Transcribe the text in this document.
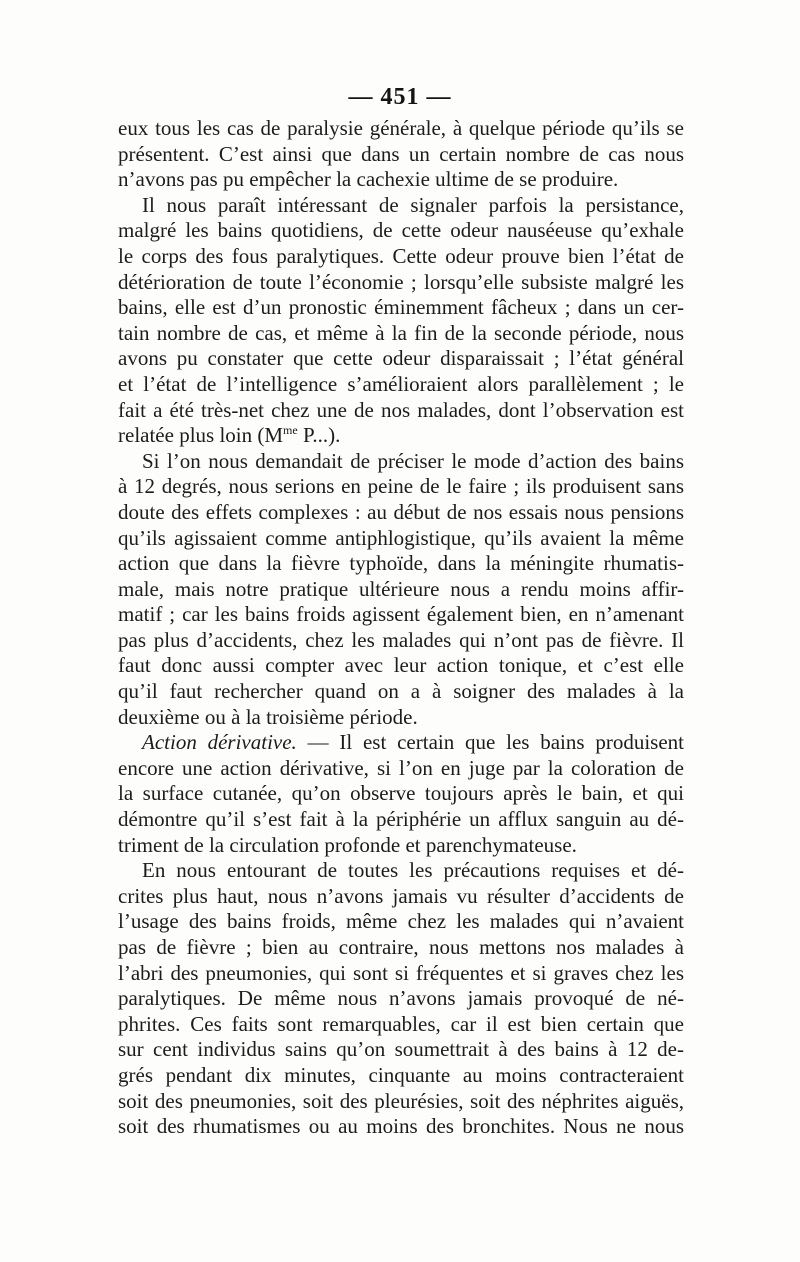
— 451 —
eux tous les cas de paralysie générale, à quelque période qu’ils se
présentent. C’est ainsi que dans un certain nombre de cas nous
n’avons pas pu empêcher la cachexie ultime de se produire.
Il nous paraît intéressant de signaler parfois la persistance,
malgré les bains quotidiens, de cette odeur nauséeuse qu’exhale
le corps des fous paralytiques. Cette odeur prouve bien l’état de
détérioration de toute l’économie ; lorsqu’elle subsiste malgré les
bains, elle est d’un pronostic éminemment fâcheux ; dans un cer-
tain nombre de cas, et même à la fin de la seconde période, nous
avons pu constater que cette odeur disparaissait ; l’état général
et l’état de l’intelligence s’amélioraient alors parallèlement ; le
fait a été très-net chez une de nos malades, dont l’observation est
relatée plus loin ($M^{me}$ P...).
Si l’on nous demandait de préciser le mode d’action des bains
à 12 degrés, nous serions en peine de le faire ; ils produisent sans
doute des effets complexes : au début de nos essais nous pensions
qu’ils agissaient comme antiphlogistique, qu’ils avaient la même
action que dans la fièvre typhoïde, dans la méningite rhumatis-
male, mais notre pratique ultérieure nous a rendu moins affir-
matif ; car les bains froids agissent également bien, en n’amenant
pas plus d’accidents, chez les malades qui n’ont pas de fièvre. Il
faut donc aussi compter avec leur action tonique, et c’est elle
qu’il faut rechercher quand on a à soigner des malades à la
deuxième ou à la troisième période.
Action dérivative. — Il est certain que les bains produisent
encore une action dérivative, si l’on en juge par la coloration de
la surface cutanée, qu’on observe toujours après le bain, et qui
démontre qu’il s’est fait à la périphérie un afflux sanguin au dé-
triment de la circulation profonde et parenchymateuse.
En nous entourant de toutes les précautions requises et dé-
crites plus haut, nous n’avons jamais vu résulter d’accidents de
l’usage des bains froids, même chez les malades qui n’avaient
pas de fièvre ; bien au contraire, nous mettons nos malades à
l’abri des pneumonies, qui sont si fréquentes et si graves chez les
paralytiques. De même nous n’avons jamais provoqué de né-
phrites. Ces faits sont remarquables, car il est bien certain que
sur cent individus sains qu’on soumettrait à des bains à 12 de-
grés pendant dix minutes, cinquante au moins contracteraient
soit des pneumonies, soit des pleurésies, soit des néphrites aiguës,
soit des rhumatismes ou au moins des bronchites. Nous ne nous
